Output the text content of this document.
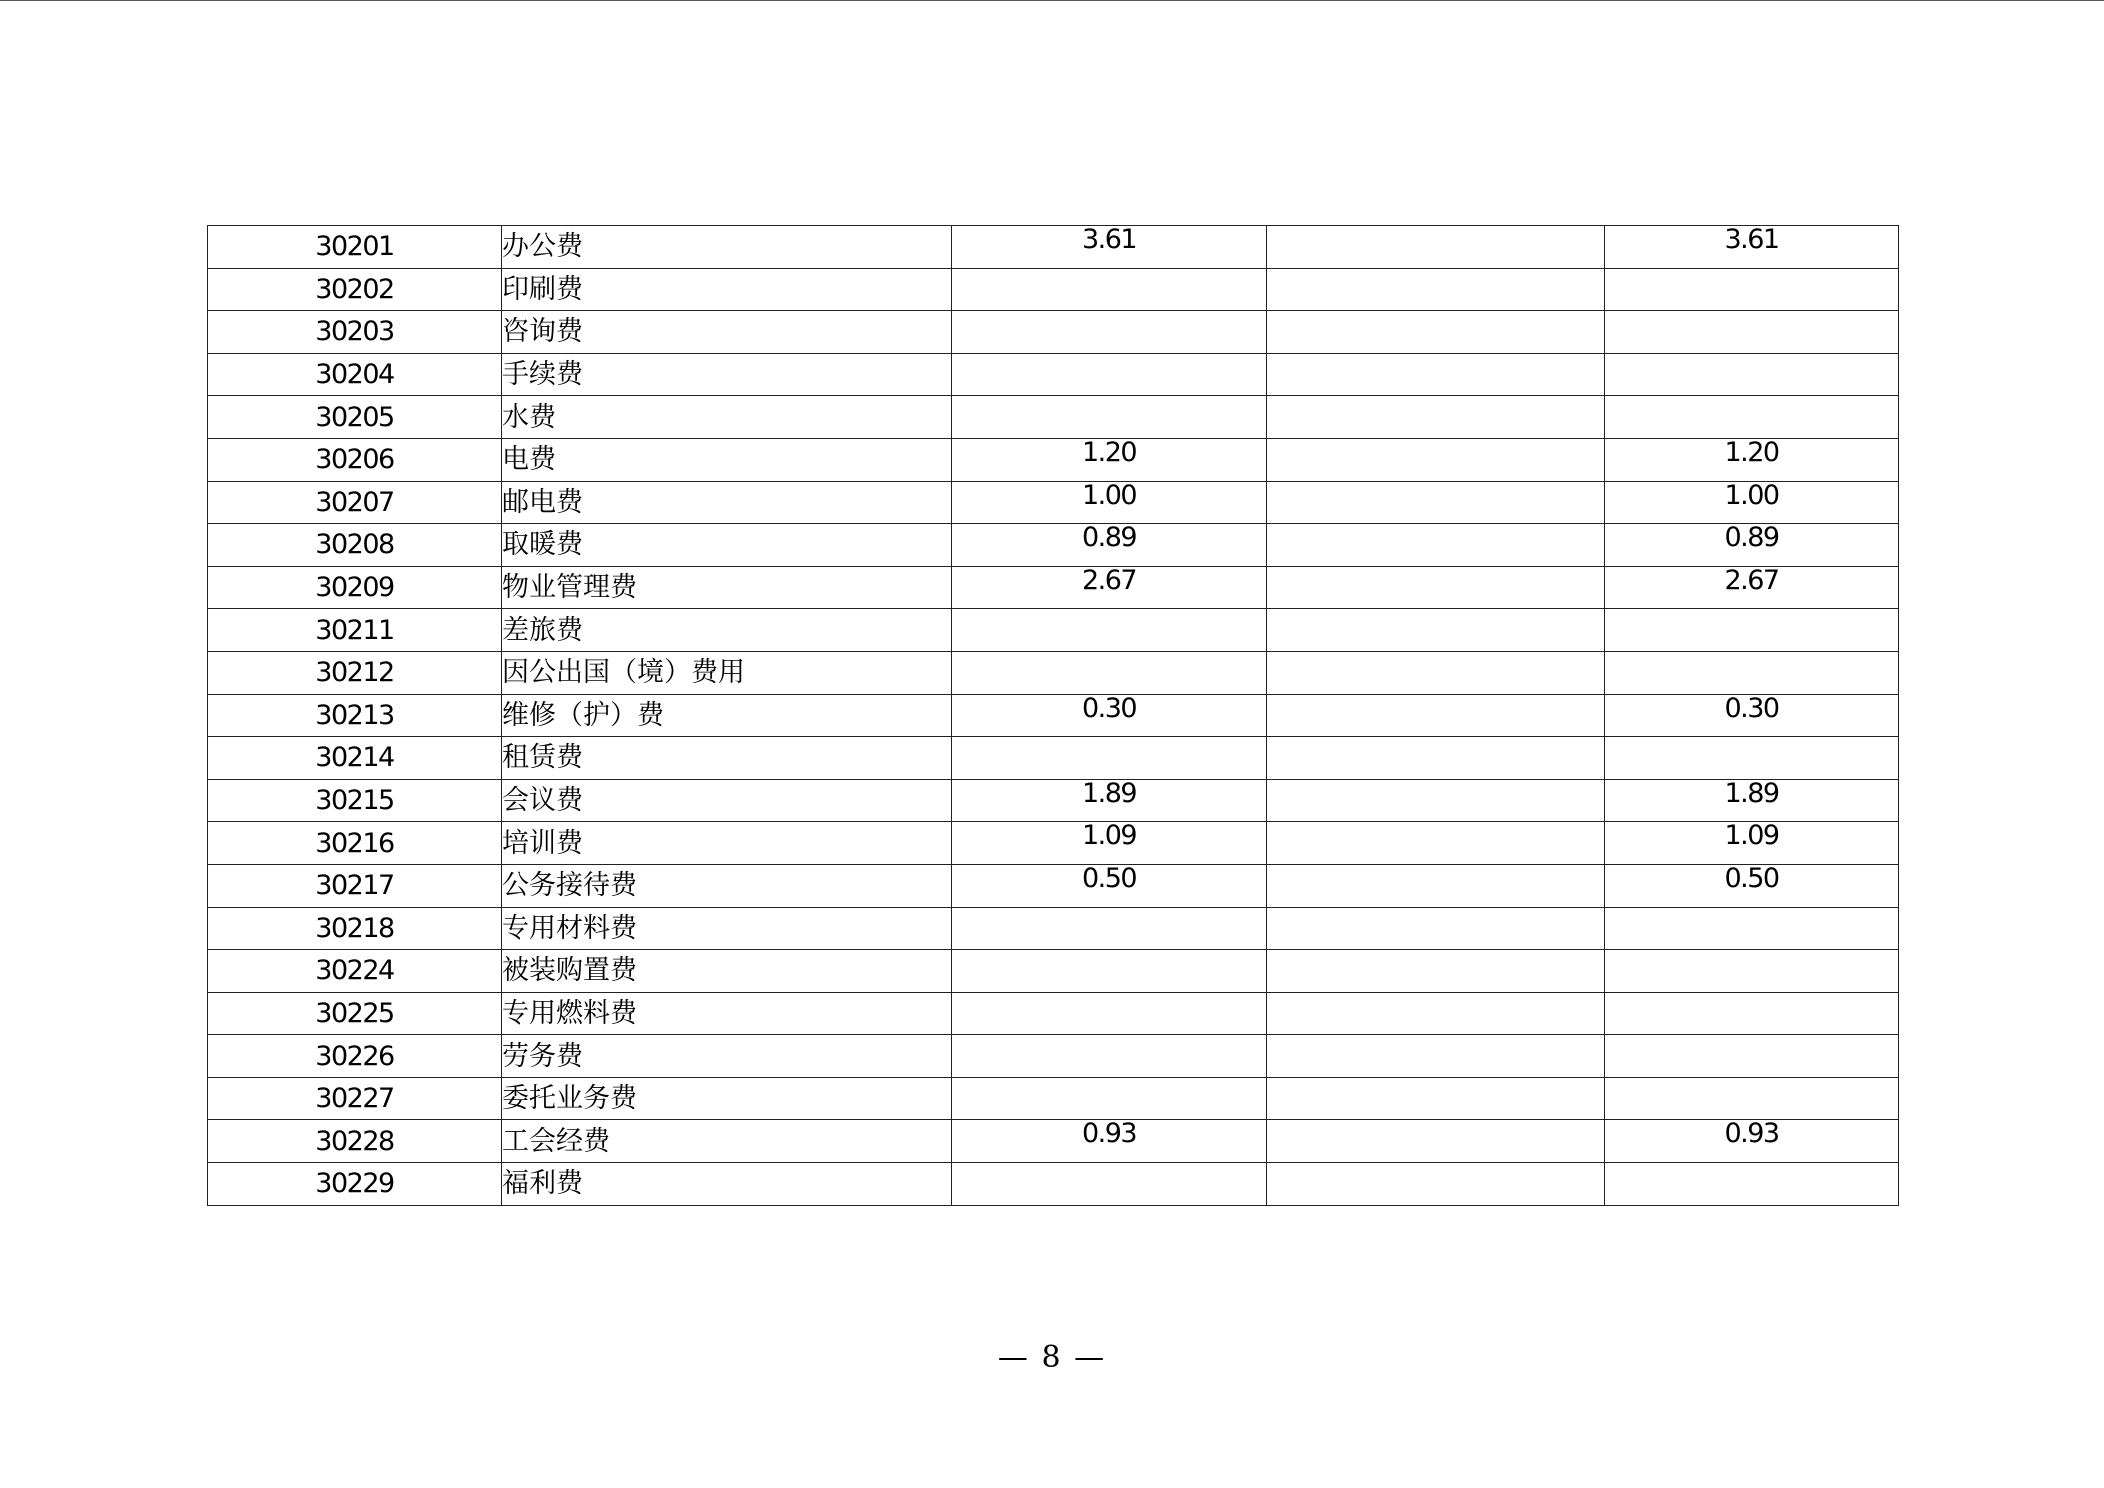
30201	办公费	3.61		3.61
30202	印刷费			
30203	咨询费			
30204	手续费			
30205	水费			
30206	电费	1.20		1.20
30207	邮电费	1.00		1.00
30208	取暖费	0.89		0.89
30209	物业管理费	2.67		2.67
30211	差旅费			
30212	因公出国（境）费用			
30213	维修（护）费	0.30		0.30
30214	租赁费			
30215	会议费	1.89		1.89
30216	培训费	1.09		1.09
30217	公务接待费	0.50		0.50
30218	专用材料费			
30224	被装购置费			
30225	专用燃料费			
30226	劳务费			
30227	委托业务费			
30228	工会经费	0.93		0.93
30229	福利费			
— 8 —
